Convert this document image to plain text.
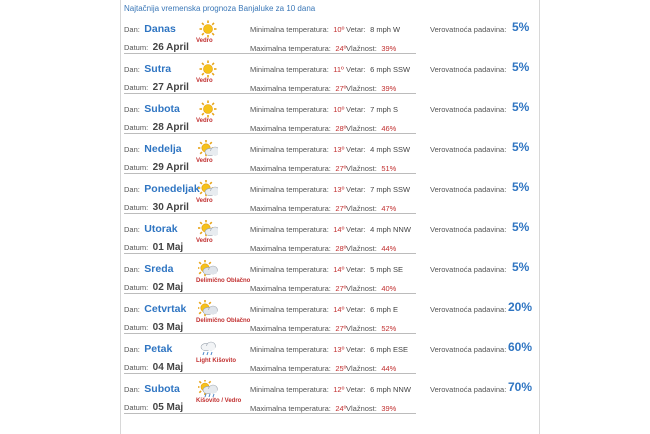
Najtačnija vremenska prognoza Banjaluke za 10 dana
Dan: Danas
Datum: 26 April
Vedro
Minimalna temperatura: 10º
Maximalna temperatura: 24º
Vetar: 8 mph W
Vlažnost: 39%
Verovatnoća padavina: 5%
Dan: Sutra
Datum: 27 April
Vedro
Minimalna temperatura: 11º
Maximalna temperatura: 27º
Vetar: 6 mph SSW
Vlažnost: 39%
Verovatnoća padavina: 5%
Dan: Subota
Datum: 28 April
Vedro
Minimalna temperatura: 10º
Maximalna temperatura: 28º
Vetar: 7 mph S
Vlažnost: 46%
Verovatnoća padavina: 5%
Dan: Nedelja
Datum: 29 April
Vedro
Minimalna temperatura: 13º
Maximalna temperatura: 27º
Vetar: 4 mph SSW
Vlažnost: 51%
Verovatnoća padavina: 5%
Dan: Ponedeljak
Datum: 30 April
Vedro
Minimalna temperatura: 13º
Maximalna temperatura: 27º
Vetar: 7 mph SSW
Vlažnost: 47%
Verovatnoća padavina: 5%
Dan: Utorak
Datum: 01 Maj
Vedro
Minimalna temperatura: 14º
Maximalna temperatura: 28º
Vetar: 4 mph NNW
Vlažnost: 44%
Verovatnoća padavina: 5%
Dan: Sreda
Datum: 02 Maj
Delimično Oblačno
Minimalna temperatura: 14º
Maximalna temperatura: 27º
Vetar: 5 mph SE
Vlažnost: 40%
Verovatnoća padavina: 5%
Dan: Cetvrtak
Datum: 03 Maj
Delimično Oblačno
Minimalna temperatura: 14º
Maximalna temperatura: 27º
Vetar: 6 mph E
Vlažnost: 52%
Verovatnoća padavina: 20%
Dan: Petak
Datum: 04 Maj
Light Kišovito
Minimalna temperatura: 13º
Maximalna temperatura: 25º
Vetar: 6 mph ESE
Vlažnost: 44%
Verovatnoća padavina: 60%
Dan: Subota
Datum: 05 Maj
Kišovito / Vedro
Minimalna temperatura: 12º
Maximalna temperatura: 24º
Vetar: 6 mph NNW
Vlažnost: 39%
Verovatnoća padavina: 70%
